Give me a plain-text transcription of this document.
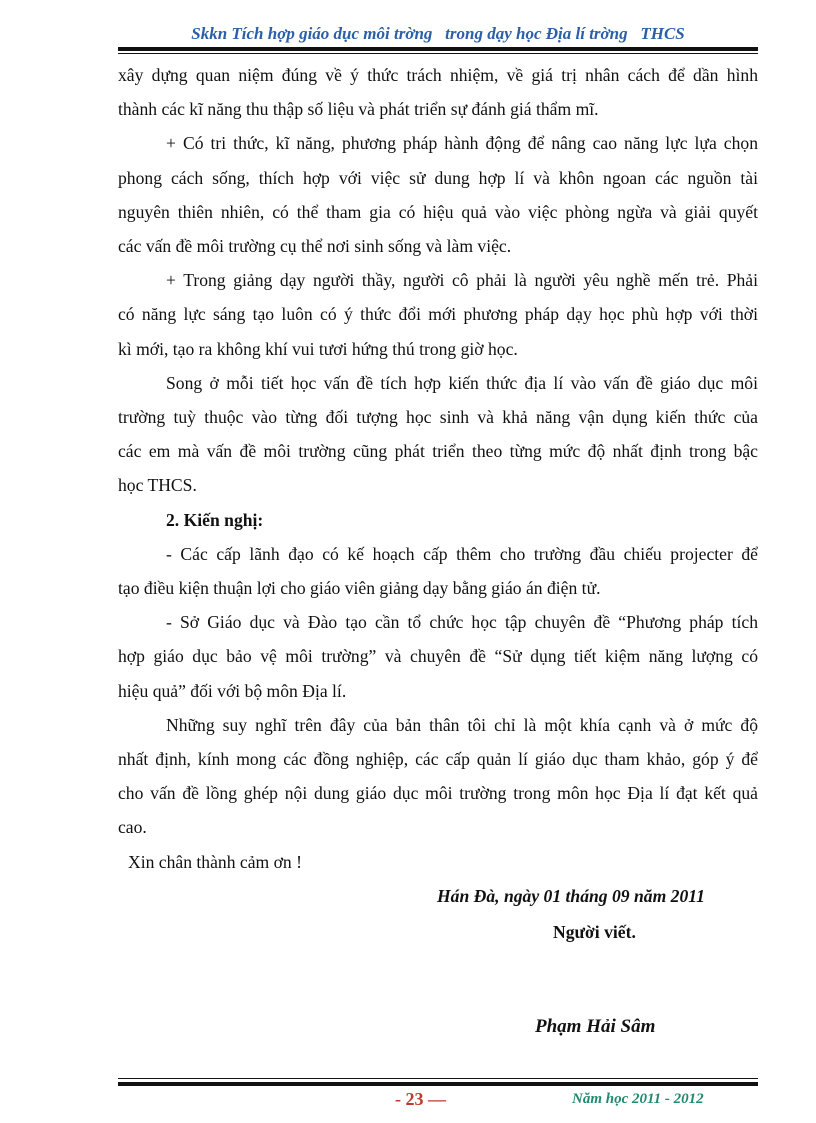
Skkn Tích hợp giáo dục môi trờng   trong dạy học Địa lí trờng   THCS

xây dựng quan niệm đúng về ý thức trách nhiệm, về giá trị nhân cách để dần hình

thành các kĩ năng thu thập số liệu và phát triển sự đánh giá thẩm mĩ.

+ Có tri thức, kĩ năng, phương pháp hành động để nâng cao năng lực lựa chọn

phong cách sống, thích hợp với việc sử dung hợp lí và khôn ngoan các nguồn tài

nguyên thiên nhiên, có thể tham gia có hiệu quả vào việc phòng ngừa và giải quyết

các vấn đề môi trường cụ thể nơi sinh sống và làm việc.

+ Trong giảng dạy người thầy, người cô phải là người yêu nghề mến trẻ. Phải

có năng lực sáng tạo luôn có ý thức đổi mới phương pháp dạy học phù hợp với thời

kì mới, tạo ra không khí vui tươi hứng thú trong giờ học.

Song ở mỗi tiết học vấn đề tích hợp kiến thức địa lí vào vấn đề giáo dục môi

trường tuỳ thuộc vào từng đối tượng học sinh và khả năng vận dụng kiến thức của

các em mà vấn đề môi trường cũng phát triển theo từng mức độ nhất định trong bậc

học THCS.

2. Kiến nghị:

- Các cấp lãnh đạo có kế hoạch cấp thêm cho trường đầu chiếu projecter để

tạo điều kiện thuận lợi cho giáo viên giảng dạy bằng giáo án điện tử.

- Sở Giáo dục và Đào tạo cần tổ chức học tập chuyên đề “Phương pháp tích

hợp giáo dục bảo vệ môi trường” và chuyên đề “Sử dụng tiết kiệm năng lượng có

hiệu quả” đối với bộ môn Địa lí.

Những suy nghĩ trên đây của bản thân tôi chỉ là một khía cạnh và ở mức độ

nhất định, kính mong các đồng nghiệp, các cấp quản lí giáo dục tham khảo, góp ý để

cho vấn đề lồng ghép nội dung giáo dục môi trường trong môn học Địa lí đạt kết quả

cao.

Xin chân thành cảm ơn !

Hán Đà, ngày 01 tháng 09 năm 2011
Người viết.
Phạm Hải Sâm
- 23 —	Năm học 2011 - 2012
